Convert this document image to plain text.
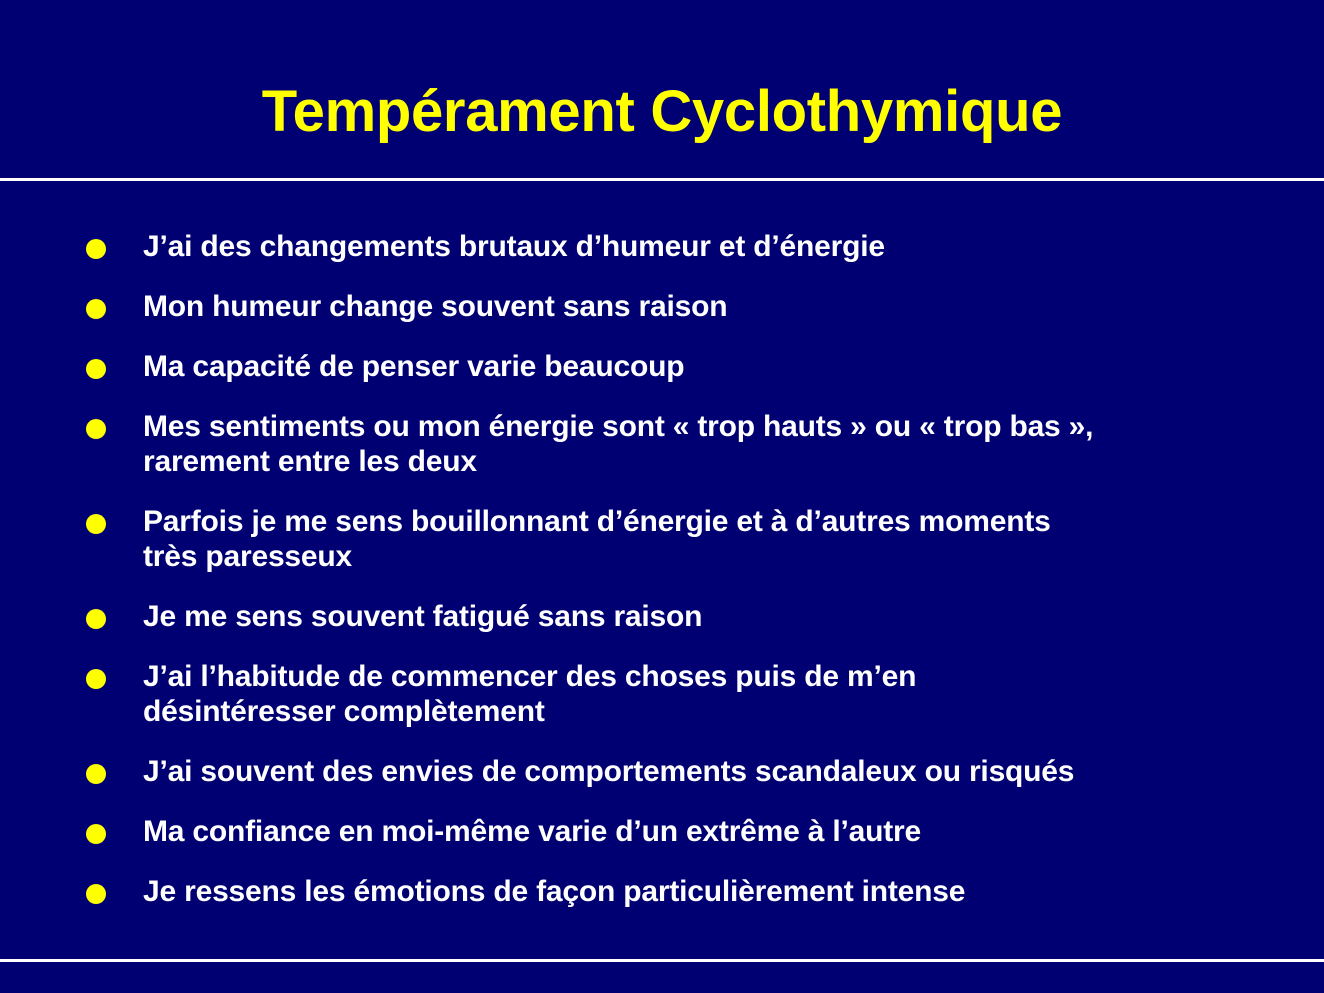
Tempérament Cyclothymique
J’ai des changements brutaux d’humeur et d’énergie
Mon humeur change souvent sans raison
Ma capacité de penser varie beaucoup
Mes sentiments ou mon énergie sont « trop hauts » ou « trop bas »,
rarement entre les deux
Parfois je me sens bouillonnant d’énergie et à d’autres moments
très paresseux
Je me sens souvent fatigué sans raison
J’ai l’habitude de commencer des choses puis de m’en
désintéresser complètement
J’ai souvent des envies de comportements scandaleux ou risqués
Ma confiance en moi-même varie d’un extrême à l’autre
Je ressens les émotions de façon particulièrement intense
